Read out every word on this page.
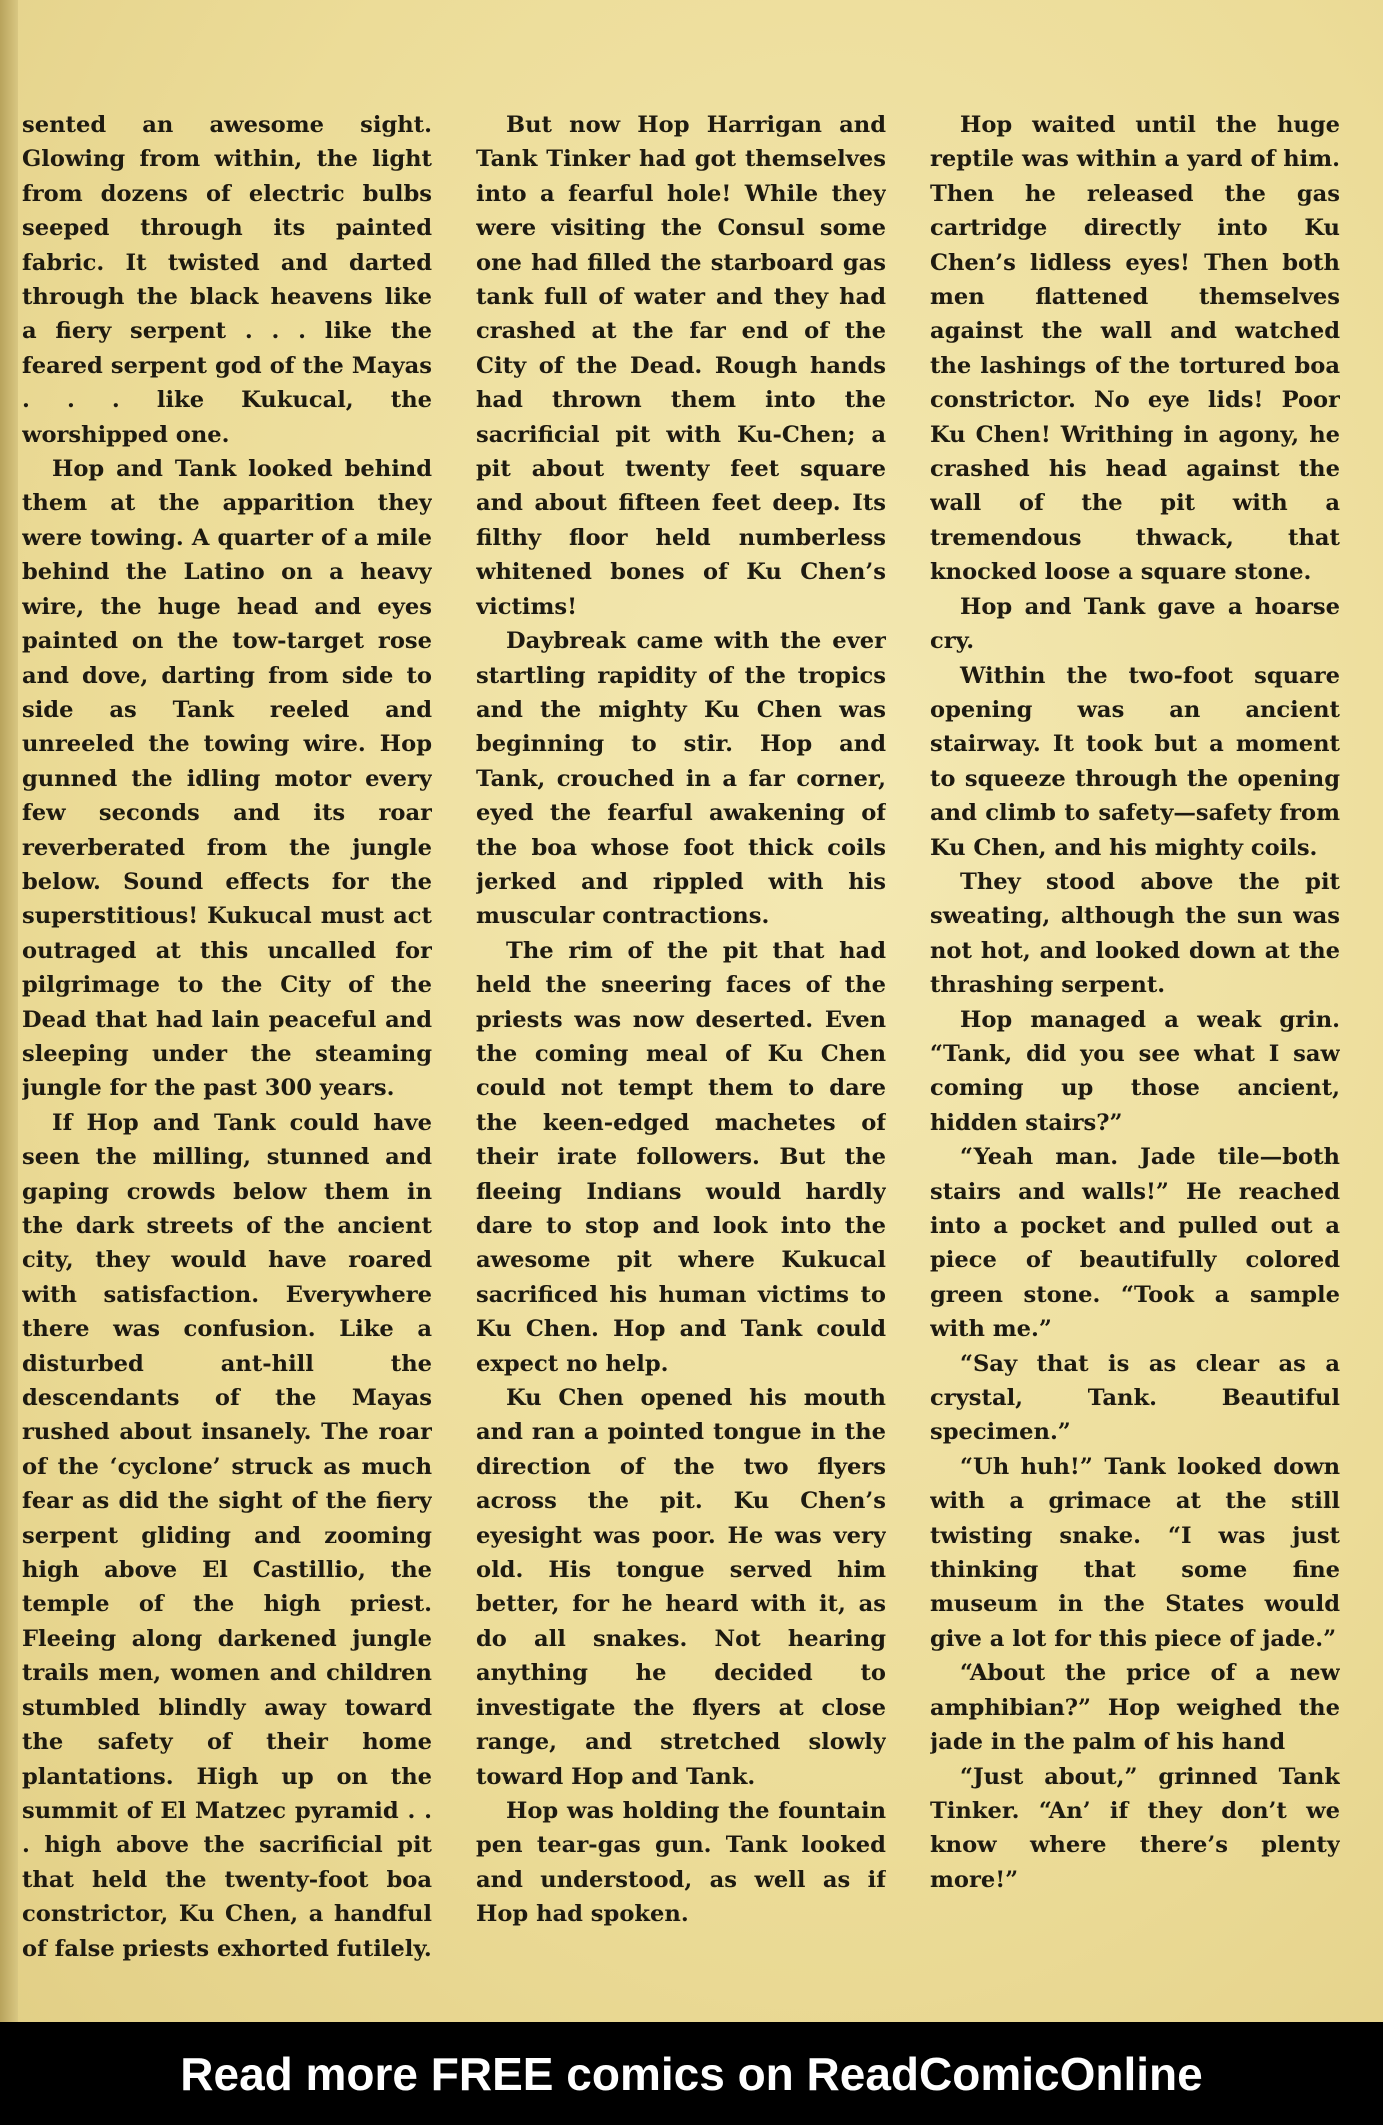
sented an awesome sight. Glowing from within, the light from dozens of electric bulbs seeped through its painted fabric. It twisted and darted through the black heavens like a fiery serpent . . . like the feared serpent god of the Mayas . . . like Kukucal, the worshipped one.

Hop and Tank looked behind them at the apparition they were towing. A quarter of a mile behind the Latino on a heavy wire, the huge head and eyes painted on the tow-target rose and dove, darting from side to side as Tank reeled and unreeled the towing wire. Hop gunned the idling motor every few seconds and its roar reverberated from the jungle below. Sound effects for the superstitious! Kukucal must act outraged at this uncalled for pilgrimage to the City of the Dead that had lain peaceful and sleeping under the steaming jungle for the past 300 years.

If Hop and Tank could have seen the milling, stunned and gaping crowds below them in the dark streets of the ancient city, they would have roared with satisfaction. Everywhere there was confusion. Like a disturbed ant-hill the descendants of the Mayas rushed about insanely. The roar of the ‘cyclone’ struck as much fear as did the sight of the fiery serpent gliding and zooming high above El Castillio, the temple of the high priest. Fleeing along darkened jungle trails men, women and children stumbled blindly away toward the safety of their home plantations. High up on the summit of El Matzec pyramid . . . high above the sacrificial pit that held the twenty-foot boa constrictor, Ku Chen, a handful of false priests exhorted futilely.

But now Hop Harrigan and Tank Tinker had got themselves into a fearful hole! While they were visiting the Consul some one had filled the starboard gas tank full of water and they had crashed at the far end of the City of the Dead. Rough hands had thrown them into the sacrificial pit with Ku-Chen; a pit about twenty feet square and about fifteen feet deep. Its filthy floor held numberless whitened bones of Ku Chen’s victims!

Daybreak came with the ever startling rapidity of the tropics and the mighty Ku Chen was beginning to stir. Hop and Tank, crouched in a far corner, eyed the fearful awakening of the boa whose foot thick coils jerked and rippled with his muscular contractions.

The rim of the pit that had held the sneering faces of the priests was now deserted. Even the coming meal of Ku Chen could not tempt them to dare the keen-edged machetes of their irate followers. But the fleeing Indians would hardly dare to stop and look into the awesome pit where Kukucal sacrificed his human victims to Ku Chen. Hop and Tank could expect no help.

Ku Chen opened his mouth and ran a pointed tongue in the direction of the two flyers across the pit. Ku Chen’s eyesight was poor. He was very old. His tongue served him better, for he heard with it, as do all snakes. Not hearing anything he decided to investigate the flyers at close range, and stretched slowly toward Hop and Tank.

Hop was holding the fountain pen tear-gas gun. Tank looked and understood, as well as if Hop had spoken.

Hop waited until the huge reptile was within a yard of him. Then he released the gas cartridge directly into Ku Chen’s lidless eyes! Then both men flattened themselves against the wall and watched the lashings of the tortured boa constrictor. No eye lids! Poor Ku Chen! Writhing in agony, he crashed his head against the wall of the pit with a tremendous thwack, that knocked loose a square stone.

Hop and Tank gave a hoarse cry.

Within the two-foot square opening was an ancient stairway. It took but a moment to squeeze through the opening and climb to safety—safety from Ku Chen, and his mighty coils.

They stood above the pit sweating, although the sun was not hot, and looked down at the thrashing serpent.

Hop managed a weak grin. “Tank, did you see what I saw coming up those ancient, hidden stairs?”

“Yeah man. Jade tile—both stairs and walls!” He reached into a pocket and pulled out a piece of beautifully colored green stone. “Took a sample with me.”

“Say that is as clear as a crystal, Tank. Beautiful specimen.”

“Uh huh!” Tank looked down with a grimace at the still twisting snake. “I was just thinking that some fine museum in the States would give a lot for this piece of jade.”

“About the price of a new amphibian?” Hop weighed the jade in the palm of his hand

“Just about,” grinned Tank Tinker. “An’ if they don’t we know where there’s plenty more!”

Read more FREE comics on ReadComicOnline
